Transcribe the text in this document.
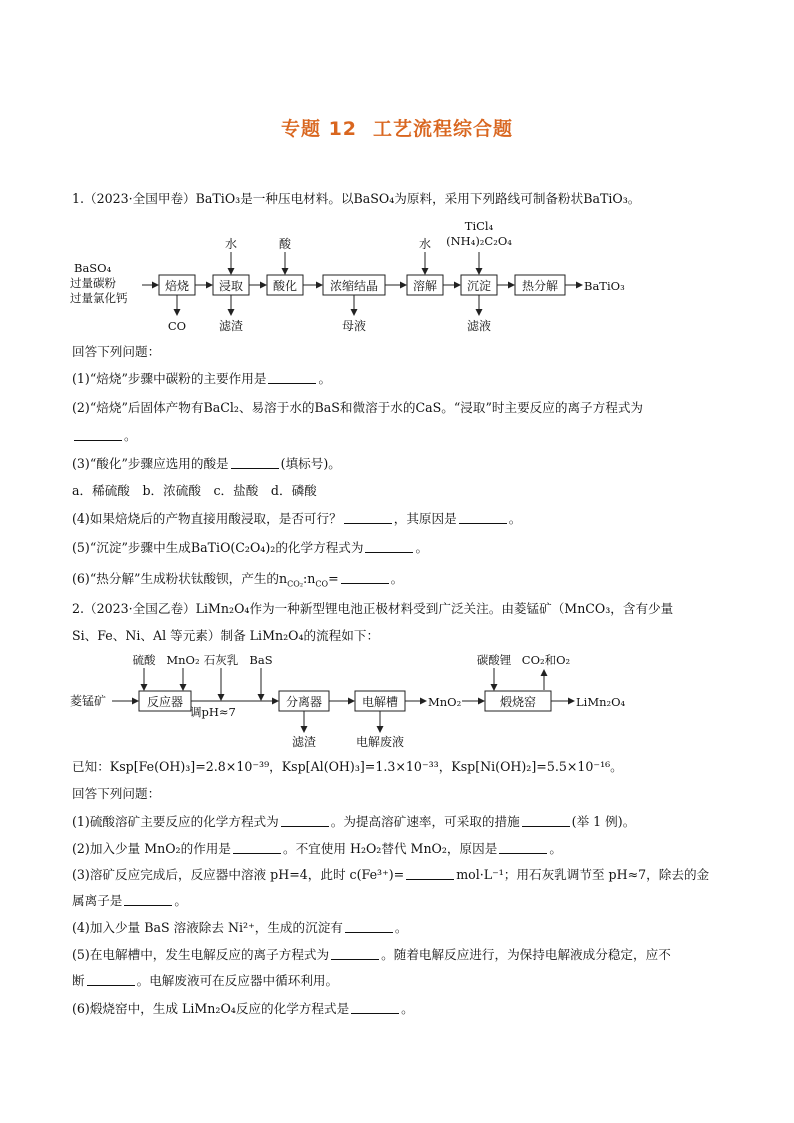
专题 12 工艺流程综合题
1.（2023·全国甲卷）BaTiO₃是一种压电材料。以BaSO₄为原料，采用下列路线可制备粉状BaTiO₃。
BaSO₄
过量碳粉
过量氯化钙
焙烧 浸取 酸化	浓缩结晶	溶解 沉淀	热分解 BaTiO₃
水	酸	水
TiCl₄
(NH₄)₂C₂O₄
CO	滤渣	母液	滤液
回答下列问题：
(1)“焙烧”步骤中碳粉的主要作用是	。
(2)“焙烧”后固体产物有BaCl₂、易溶于水的BaS和微溶于水的CaS。“浸取”时主要反应的离子方程式为
。
(3)“酸化”步骤应选用的酸是	(填标号)。
a．稀硫酸　b．浓硫酸　c．盐酸　d．磷酸
(4)如果焙烧后的产物直接用酸浸取，是否可行？	，其原因是	。
(5)“沉淀”步骤中生成BaTiO(C₂O₄)₂的化学方程式为	。
(6)“热分解”生成粉状钛酸钡，产生的$n_{CO_2}:n_{CO}=$	。
2.（2023·全国乙卷）LiMn₂O₄作为一种新型锂电池正极材料受到广泛关注。由菱锰矿（MnCO₃，含有少量
Si、Fe、Ni、Al 等元素）制备 LiMn₂O₄的流程如下：
菱锰矿	反应器
调pH≈7
分离器	电解槽	MnO₂	煅烧窑	LiMn₂O₄
硫酸 MnO₂ 石灰乳 BaS	碳酸锂 CO₂和O₂
滤渣	电解废液
已知：Ksp[Fe(OH)₃]=2.8×10⁻³⁹，Ksp[Al(OH)₃]=1.3×10⁻³³，Ksp[Ni(OH)₂]=5.5×10⁻¹⁶。
回答下列问题：
(1)硫酸溶矿主要反应的化学方程式为	。为提高溶矿速率，可采取的措施	(举 1 例)。
(2)加入少量 MnO₂的作用是	。不宜使用 H₂O₂替代 MnO₂，原因是	。
(3)溶矿反应完成后，反应器中溶液 pH=4，此时 c(Fe³⁺)=	mol·L⁻¹；用石灰乳调节至 pH≈7，除去的金
属离子是	。
(4)加入少量 BaS 溶液除去 Ni²⁺，生成的沉淀有	。
(5)在电解槽中，发生电解反应的离子方程式为	。随着电解反应进行，为保持电解液成分稳定，应不
断	。电解废液可在反应器中循环利用。
(6)煅烧窑中，生成 LiMn₂O₄反应的化学方程式是	。
